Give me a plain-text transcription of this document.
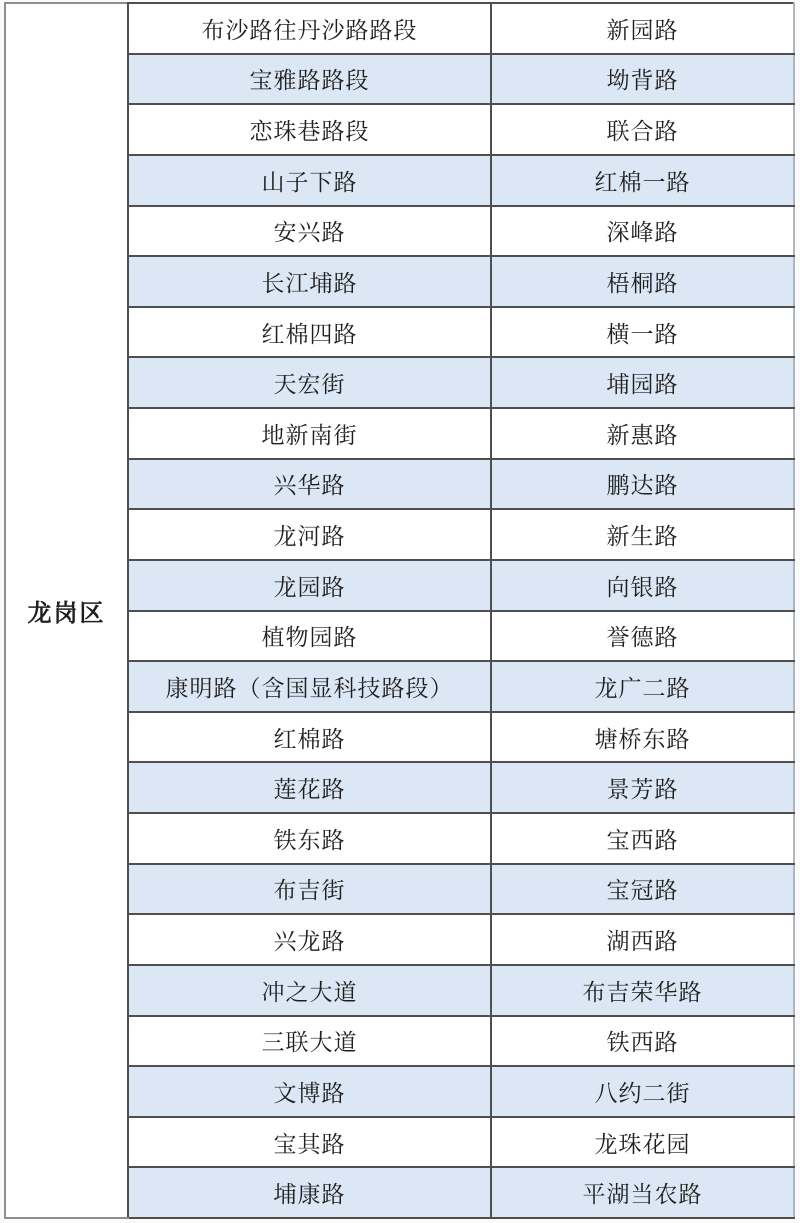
龙岗区	布沙路往丹沙路路段	新园路
	宝雅路路段	坳背路
	恋珠巷路段	联合路
	山子下路	红棉一路
	安兴路	深峰路
	长江埔路	梧桐路
	红棉四路	横一路
	天宏街	埔园路
	地新南街	新惠路
	兴华路	鹏达路
	龙河路	新生路
	龙园路	向银路
	植物园路	誉德路
	康明路（含国显科技路段）	龙广二路
	红棉路	塘桥东路
	莲花路	景芳路
	铁东路	宝西路
	布吉街	宝冠路
	兴龙路	湖西路
	冲之大道	布吉荣华路
	三联大道	铁西路
	文博路	八约二街
	宝其路	龙珠花园
	埔康路	平湖当农路
